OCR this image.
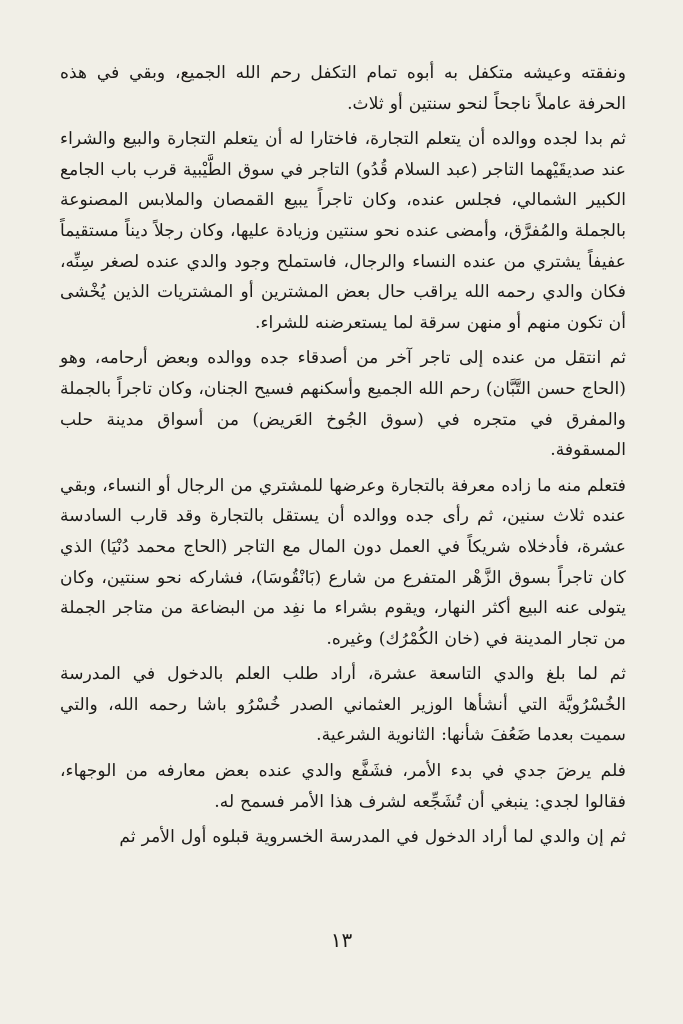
ونفقته وعيشه متكفل به أبوه تمام التكفل رحم الله الجميع، وبقي في هذه الحرفة عاملاً ناجحاً لنحو سنتين أو ثلاث.

ثم بدا لجده ووالده أن يتعلم التجارة، فاختارا له أن يتعلم التجارة والبيع والشراء عند صديقَيْهما التاجر (عبد السلام قُدُو) التاجر في سوق الطَّيْبية قرب باب الجامع الكبير الشمالي، فجلس عنده، وكان تاجراً يبيع القمصان والملابس المصنوعة بالجملة والمُفرَّق، وأمضى عنده نحو سنتين وزيادة عليها، وكان رجلاً ديناً مستقيماً عفيفاً يشتري من عنده النساء والرجال، فاستملح وجود والدي عنده لصغر سِنِّه، فكان والدي رحمه الله يراقب حال بعض المشترين أو المشتريات الذين يُخْشى أن تكون منهم أو منهن سرقة لما يستعرضنه للشراء.

ثم انتقل من عنده إلى تاجر آخر من أصدقاء جده ووالده وبعض أرحامه، وهو (الحاج حسن التَّبَّان) رحم الله الجميع وأسكنهم فسيح الجنان، وكان تاجراً بالجملة والمفرق في متجره في (سوق الجُوخ العَريض) من أسواق مدينة حلب المسقوفة.

فتعلم منه ما زاده معرفة بالتجارة وعرضها للمشتري من الرجال أو النساء، وبقي عنده ثلاث سنين، ثم رأى جده ووالده أن يستقل بالتجارة وقد قارب السادسة عشرة، فأدخلاه شريكاً في العمل دون المال مع التاجر (الحاج محمد دُنْيَا) الذي كان تاجراً بسوق الزَّهْر المتفرع من شارع (بَانْقُوسَا)، فشاركه نحو سنتين، وكان يتولى عنه البيع أكثر النهار، ويقوم بشراء ما نفِد من البضاعة من متاجر الجملة من تجار المدينة في (خان الكُمْرُك) وغيره.

ثم لما بلغ والدي التاسعة عشرة، أراد طلب العلم بالدخول في المدرسة الخُسْرُويَّة التي أنشأها الوزير العثماني الصدر خُسْرُو باشا رحمه الله، والتي سميت بعدما ضَعُفَ شأنها: الثانوية الشرعية.

فلم يرضَ جدي في بدء الأمر، فشَفَّع والدي عنده بعض معارفه من الوجهاء، فقالوا لجدي: ينبغي أن تُشَجِّعه لشرف هذا الأمر فسمح له.

ثم إن والدي لما أراد الدخول في المدرسة الخسروية قبلوه أول الأمر ثم

١٣
